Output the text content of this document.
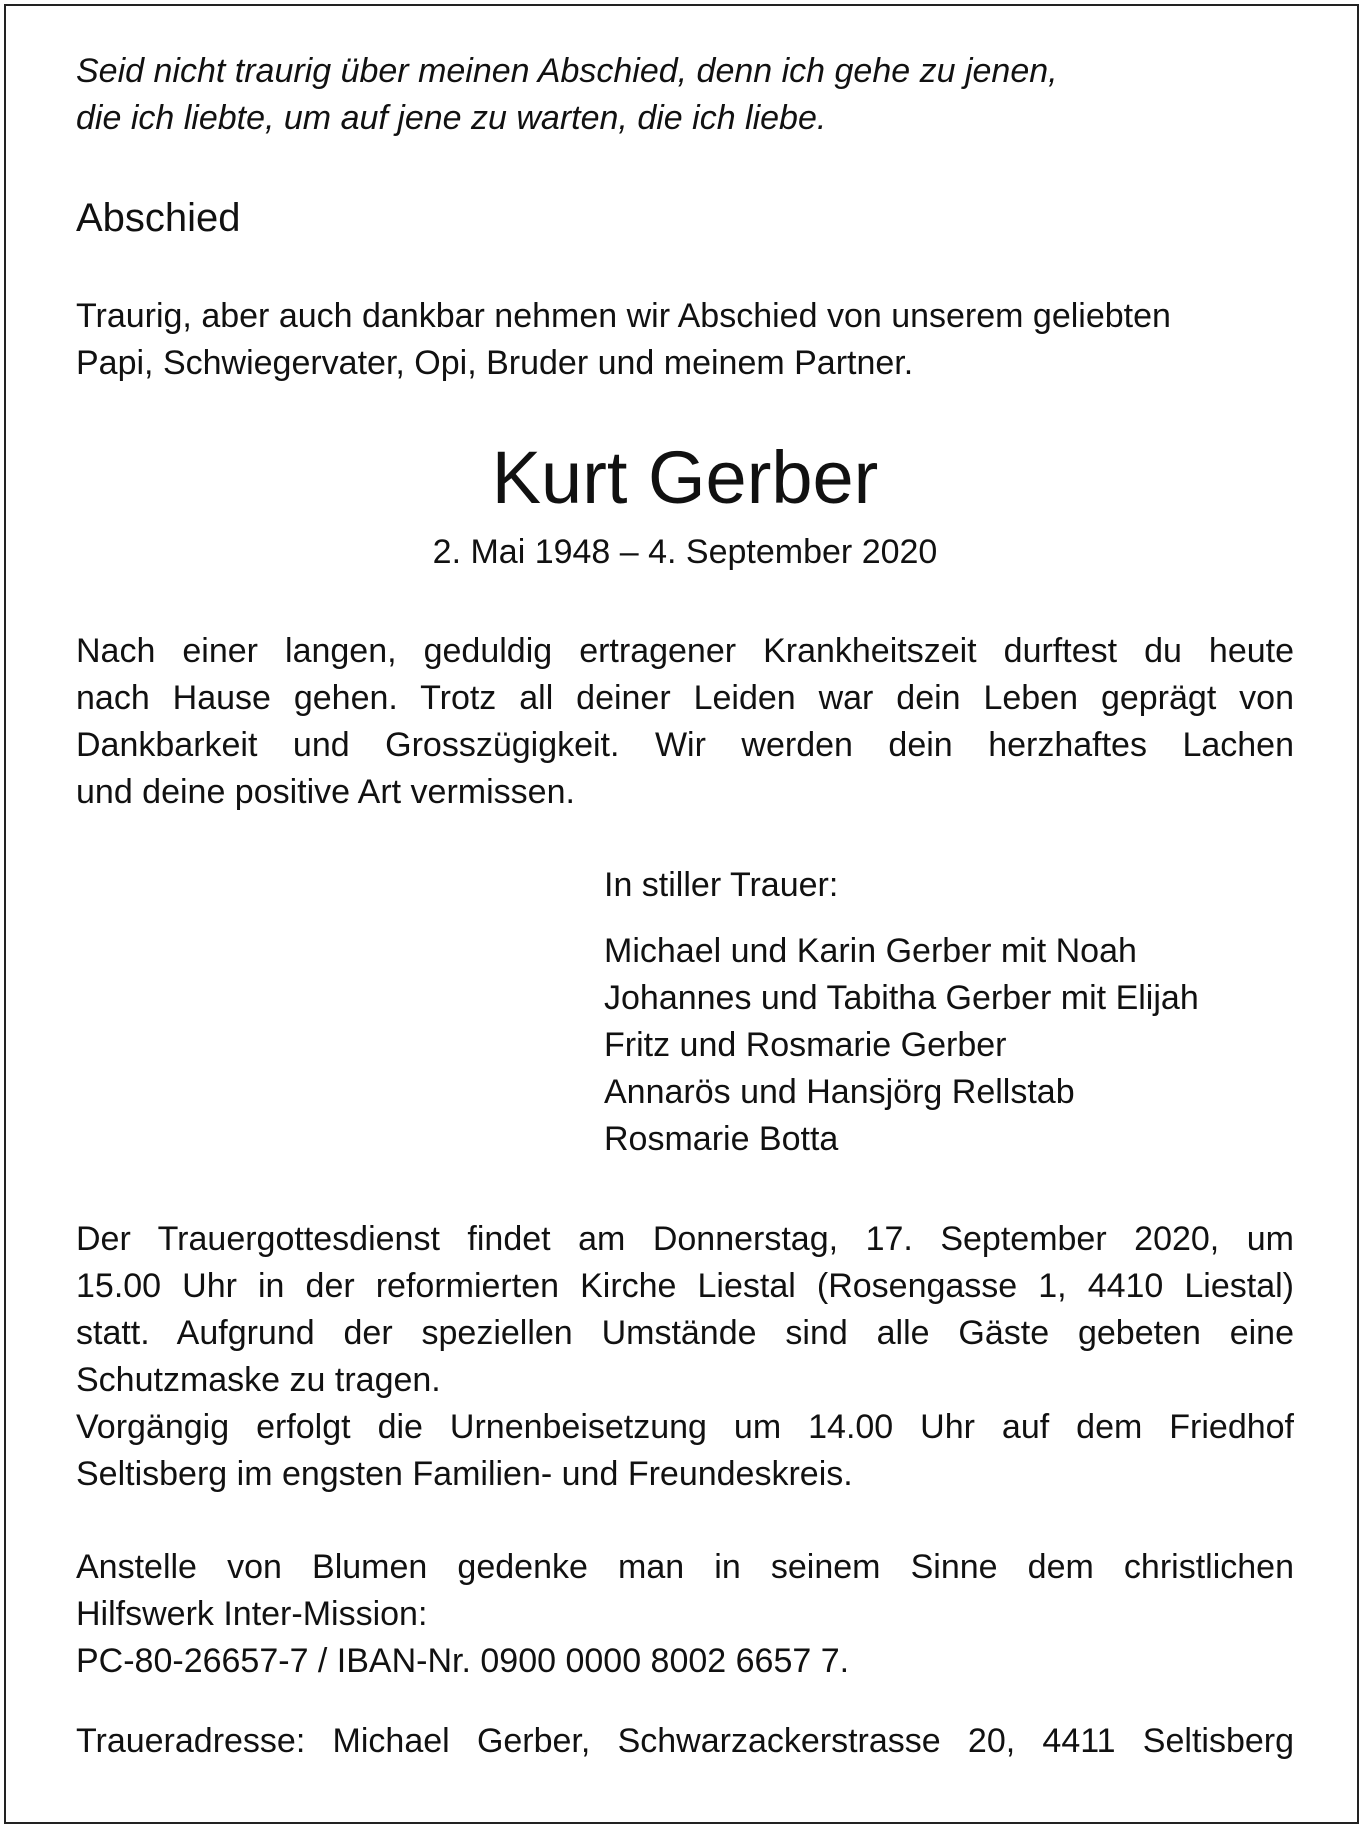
Seid nicht traurig über meinen Abschied, denn ich gehe zu jenen,
die ich liebte, um auf jene zu warten, die ich liebe.
Abschied
Traurig, aber auch dankbar nehmen wir Abschied von unserem geliebten
Papi, Schwiegervater, Opi, Bruder und meinem Partner.
Kurt Gerber
2. Mai 1948 – 4. September 2020
Nach einer langen, geduldig ertragener Krankheitszeit durftest du heute
nach Hause gehen. Trotz all deiner Leiden war dein Leben geprägt von
Dankbarkeit und Grosszügigkeit. Wir werden dein herzhaftes Lachen
und deine positive Art vermissen.
In stiller Trauer:
Michael und Karin Gerber mit Noah
Johannes und Tabitha Gerber mit Elijah
Fritz und Rosmarie Gerber
Annarös und Hansjörg Rellstab
Rosmarie Botta
Der Trauergottesdienst findet am Donnerstag, 17. September 2020, um
15.00 Uhr in der reformierten Kirche Liestal (Rosengasse 1, 4410 Liestal)
statt. Aufgrund der speziellen Umstände sind alle Gäste gebeten eine
Schutzmaske zu tragen.
Vorgängig erfolgt die Urnenbeisetzung um 14.00 Uhr auf dem Friedhof
Seltisberg im engsten Familien- und Freundeskreis.
Anstelle von Blumen gedenke man in seinem Sinne dem christlichen
Hilfswerk Inter-Mission:
PC-80-26657-7 / IBAN-Nr. 0900 0000 8002 6657 7.
Traueradresse: Michael Gerber, Schwarzackerstrasse 20, 4411 Seltisberg
